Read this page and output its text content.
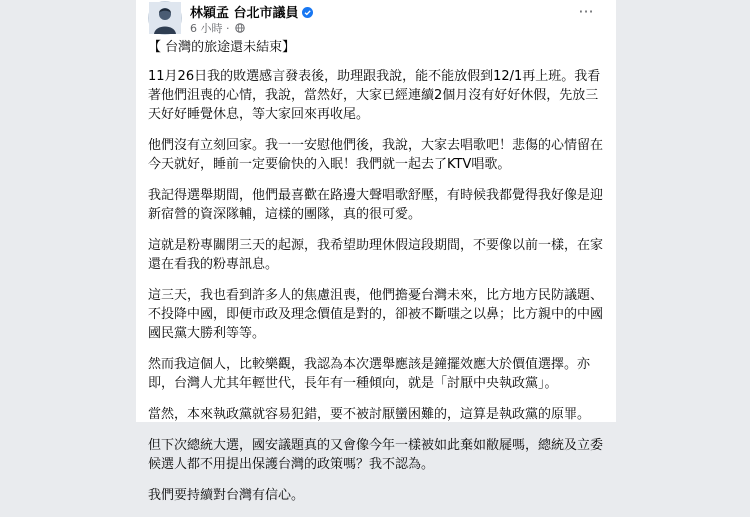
林穎孟 台北市議員
6 小時 ·
···

【 台灣的旅途還未結束】

11月26日我的敗選感言發表後，助理跟我說，能不能放假到12/1再上班。我看著他們沮喪的心情，我說，當然好，大家已經連續2個月沒有好好休假，先放三天好好睡覺休息，等大家回來再收尾。

他們沒有立刻回家。我一一安慰他們後，我說，大家去唱歌吧！悲傷的心情留在今天就好，睡前一定要偷快的入眠！我們就一起去了KTV唱歌。

我記得選舉期間，他們最喜歡在路邊大聲唱歌舒壓，有時候我都覺得我好像是迎新宿營的資深隊輔，這樣的團隊，真的很可愛。

這就是粉專關閉三天的起源，我希望助理休假這段期間，不要像以前一樣，在家還在看我的粉專訊息。

這三天，我也看到許多人的焦慮沮喪，他們擔憂台灣未來，比方地方民防議題、不投降中國，即便市政及理念價值是對的，卻被不斷嗤之以鼻；比方親中的中國國民黨大勝利等等。

然而我這個人，比較樂觀，我認為本次選舉應該是鐘擺效應大於價值選擇。亦即，台灣人尤其年輕世代，長年有一種傾向，就是「討厭中央執政黨」。

當然，本來執政黨就容易犯錯，要不被討厭蠻困難的，這算是執政黨的原罪。

但下次總統大選，國安議題真的又會像今年一樣被如此棄如敝屣嗎，總統及立委候選人都不用提出保護台灣的政策嗎？我不認為。

我們要持續對台灣有信心。
